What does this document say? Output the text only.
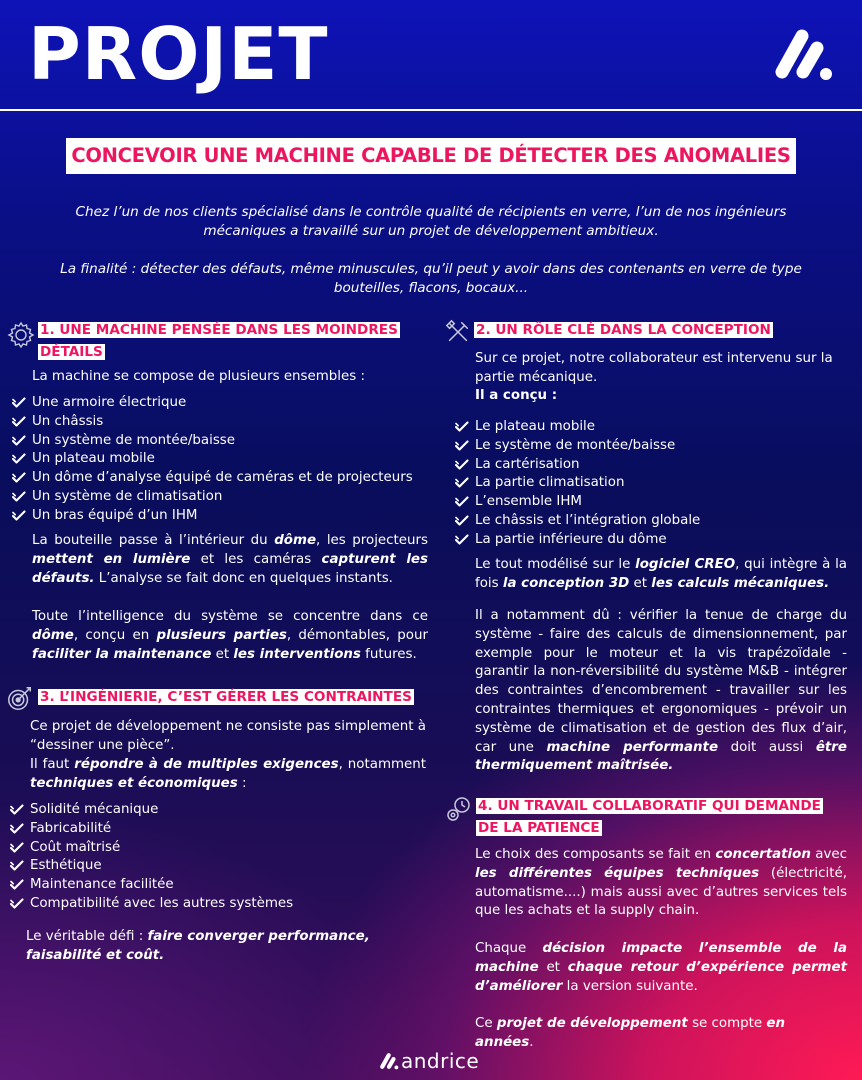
PROJET
CONCEVOIR UNE MACHINE CAPABLE DE DÉTECTER DES ANOMALIES

Chez l’un de nos clients spécialisé dans le contrôle qualité de récipients en verre, l’un de nos ingénieurs mécaniques a travaillé sur un projet de développement ambitieux.

La finalité : détecter des défauts, même minuscules, qu’il peut y avoir dans des contenants en verre de type bouteilles, flacons, bocaux...

1. UNE MACHINE PENSÉE DANS LES MOINDRES DÉTAILS

La machine se compose de plusieurs ensembles :

Une armoire électrique
Un châssis
Un système de montée/baisse
Un plateau mobile
Un dôme d’analyse équipé de caméras et de projecteurs
Un système de climatisation
Un bras équipé d’un IHM

La bouteille passe à l’intérieur du dôme, les projecteurs mettent en lumière et les caméras capturent les défauts. L’analyse se fait donc en quelques instants.

Toute l’intelligence du système se concentre dans ce dôme, conçu en plusieurs parties, démontables, pour faciliter la maintenance et les interventions futures.

3. L’INGÉNIERIE, C’EST GÉRER LES CONTRAINTES

Ce projet de développement ne consiste pas simplement à “dessiner une pièce”.

Il faut répondre à de multiples exigences, notamment techniques et économiques :

Solidité mécanique
Fabricabilité
Coût maîtrisé
Esthétique
Maintenance facilitée
Compatibilité avec les autres systèmes

Le véritable défi : faire converger performance, faisabilité et coût.

2. UN RÔLE CLÉ DANS LA CONCEPTION

Sur ce projet, notre collaborateur est intervenu sur la partie mécanique.

Il a conçu :

Le plateau mobile
Le système de montée/baisse
La cartérisation
La partie climatisation
L’ensemble IHM
Le châssis et l’intégration globale
La partie inférieure du dôme

Le tout modélisé sur le logiciel CREO, qui intègre à la fois la conception 3D et les calculs mécaniques.

Il a notamment dû : vérifier la tenue de charge du système - faire des calculs de dimensionnement, par exemple pour le moteur et la vis trapézoïdale - garantir la non-réversibilité du système M&B - intégrer des contraintes d’encombrement - travailler sur les contraintes thermiques et ergonomiques - prévoir un système de climatisation et de gestion des flux d’air, car une machine performante doit aussi être thermiquement maîtrisée.

4. UN TRAVAIL COLLABORATIF QUI DEMANDE DE LA PATIENCE

Le choix des composants se fait en concertation avec les différentes équipes techniques (électricité, automatisme....) mais aussi avec d’autres services tels que les achats et la supply chain.

Chaque décision impacte l’ensemble de la machine et chaque retour d’expérience permet d’améliorer la version suivante.

Ce projet de développement se compte en années.

andrice
